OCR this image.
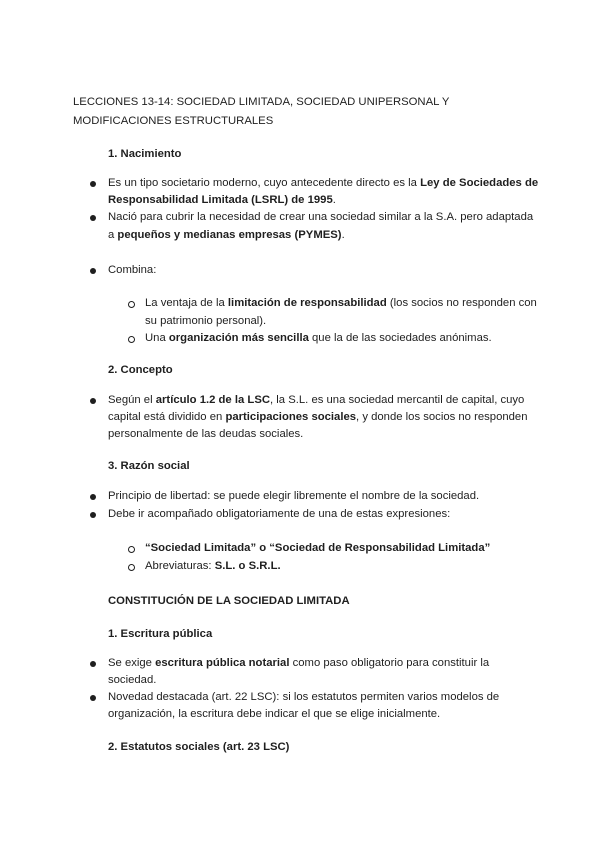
LECCIONES 13-14: SOCIEDAD LIMITADA, SOCIEDAD UNIPERSONAL Y
MODIFICACIONES ESTRUCTURALES
1. Nacimiento
Es un tipo societario moderno, cuyo antecedente directo es la Ley de Sociedades de
Responsabilidad Limitada (LSRL) de 1995.
Nació para cubrir la necesidad de crear una sociedad similar a la S.A. pero adaptada
a pequeños y medianas empresas (PYMES).
Combina:
La ventaja de la limitación de responsabilidad (los socios no responden con
su patrimonio personal).
Una organización más sencilla que la de las sociedades anónimas.
2. Concepto
Según el artículo 1.2 de la LSC, la S.L. es una sociedad mercantil de capital, cuyo
capital está dividido en participaciones sociales, y donde los socios no responden
personalmente de las deudas sociales.
3. Razón social
Principio de libertad: se puede elegir libremente el nombre de la sociedad.
Debe ir acompañado obligatoriamente de una de estas expresiones:
“Sociedad Limitada” o “Sociedad de Responsabilidad Limitada”
Abreviaturas: S.L. o S.R.L.
CONSTITUCIÓN DE LA SOCIEDAD LIMITADA
1. Escritura pública
Se exige escritura pública notarial como paso obligatorio para constituir la
sociedad.
Novedad destacada (art. 22 LSC): si los estatutos permiten varios modelos de
organización, la escritura debe indicar el que se elige inicialmente.
2. Estatutos sociales (art. 23 LSC)
